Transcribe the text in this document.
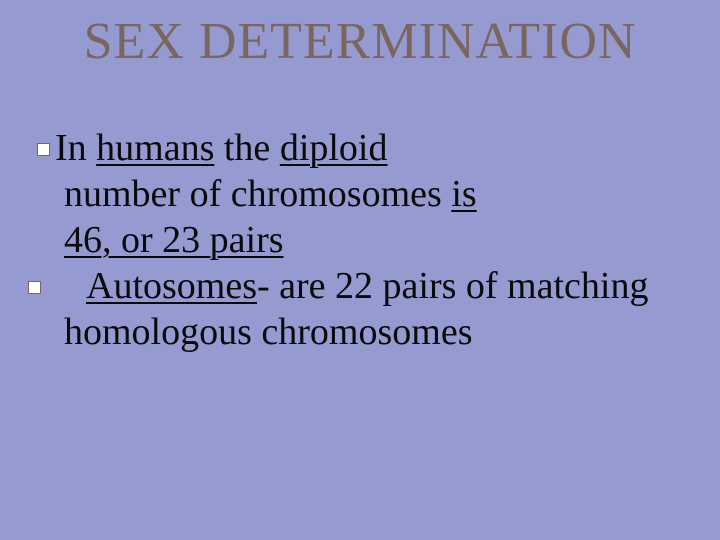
SEX DETERMINATION

In humans the diploid
number of chromosomes is
46, or 23 pairs

Autosomes- are 22 pairs of matching homologous chromosomes
